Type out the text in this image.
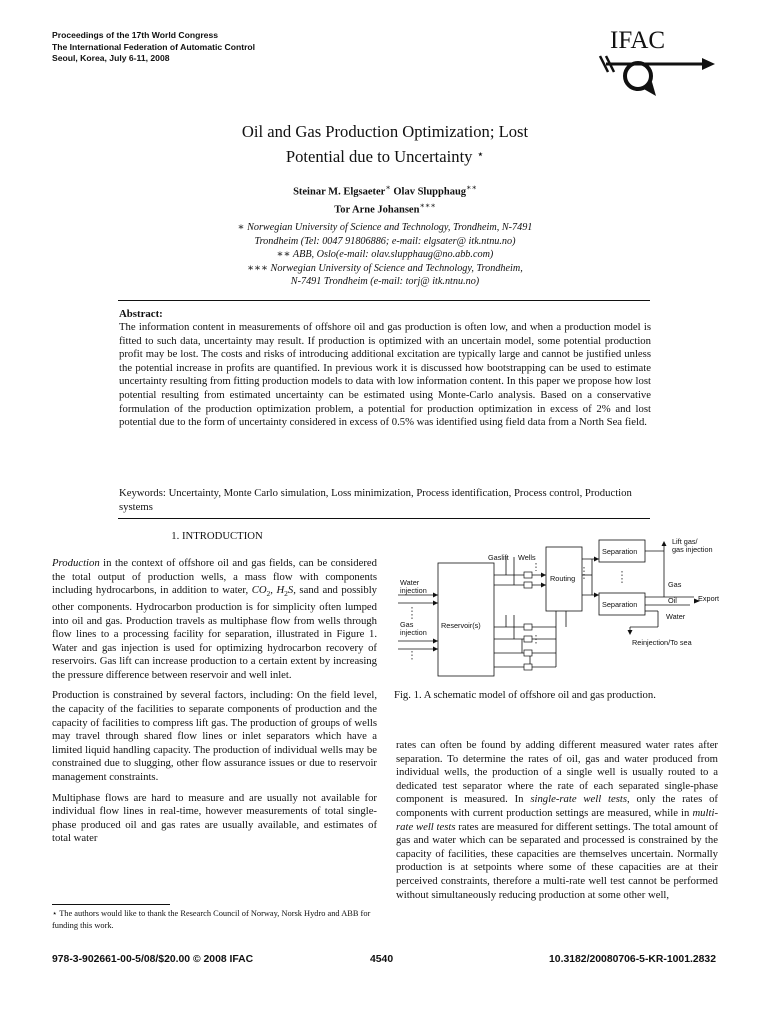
Proceedings of the 17th World Congress
The International Federation of Automatic Control
Seoul, Korea, July 6-11, 2008
IFAC
Oil and Gas Production Optimization; Lost
Potential due to Uncertainty ⋆
Steinar M. Elgsaeter∗ Olav Slupphaug∗∗
Tor Arne Johansen∗∗∗
∗ Norwegian University of Science and Technology, Trondheim, N-7491
Trondheim (Tel: 0047 91806886; e-mail: elgsater@ itk.ntnu.no)
∗∗ ABB, Oslo(e-mail: olav.slupphaug@no.abb.com)
∗∗∗ Norwegian University of Science and Technology, Trondheim,
N-7491 Trondheim (e-mail: torj@ itk.ntnu.no)
Abstract:
The information content in measurements of offshore oil and gas production is often low, and when a production model is fitted to such data, uncertainty may result. If production is optimized with an uncertain model, some potential production profit may be lost. The costs and risks of introducing additional excitation are typically large and cannot be justified unless the potential increase in profits are quantified. In previous work it is discussed how bootstrapping can be used to estimate uncertainty resulting from fitting production models to data with low information content. In this paper we propose how lost potential resulting from estimated uncertainty can be estimated using Monte-Carlo analysis. Based on a conservative formulation of the production optimization problem, a potential for production optimization in excess of 2% and lost potential due to the form of uncertainty considered in excess of 0.5% was identified using field data from a North Sea field.
Keywords: Uncertainty, Monte Carlo simulation, Loss minimization, Process identification, Process control, Production systems
1. INTRODUCTION

Production in the context of offshore oil and gas fields, can be considered the total output of production wells, a mass flow with components including hydrocarbons, in addition to water, $CO_2$, $H_2S$, sand and possibly other components. Hydrocarbon production is for simplicity often lumped into oil and gas. Production travels as multiphase flow from wells through flow lines to a processing facility for separation, illustrated in Figure 1. Water and gas injection is used for optimizing hydrocarbon recovery of reservoirs. Gas lift can increase production to a certain extent by increasing the pressure difference between reservoir and well inlet.

Production is constrained by several factors, including: On the field level, the capacity of the facilities to separate components of production and the capacity of facilities to compress lift gas. The production of groups of wells may travel through shared flow lines or inlet separators which have a limited liquid handling capacity. The production of individual wells may be constrained due to slugging, other flow assurance issues or due to reservoir management constraints.

Multiphase flows are hard to measure and are usually not available for individual flow lines in real-time, however measurements of total single-phase produced oil and gas rates are usually available, and estimates of total water

⋆ The authors would like to thank the Research Council of Norway, Norsk Hydro and ABB for funding this work.
Gaslift Wells
Water
injection
Gas
injection
Reservoir(s)
Routing
Separation
Separation
Lift gas/
gas injection
Gas
Oil
Water
Export
Reinjection/To sea
Fig. 1. A schematic model of offshore oil and gas production.

rates can often be found by adding different measured water rates after separation. To determine the rates of oil, gas and water produced from individual wells, the production of a single well is usually routed to a dedicated test separator where the rate of each separated single-phase component is measured. In single-rate well tests, only the rates of components with current production settings are measured, while in multi-rate well tests rates are measured for different settings. The total amount of gas and water which can be separated and processed is constrained by the capacity of facilities, these capacities are themselves uncertain. Normally production is at setpoints where some of these capacities are at their perceived constraints, therefore a multi-rate well test cannot be performed without simultaneously reducing production at some other well,

978-3-902661-00-5/08/$20.00 © 2008 IFAC	4540	10.3182/20080706-5-KR-1001.2832
